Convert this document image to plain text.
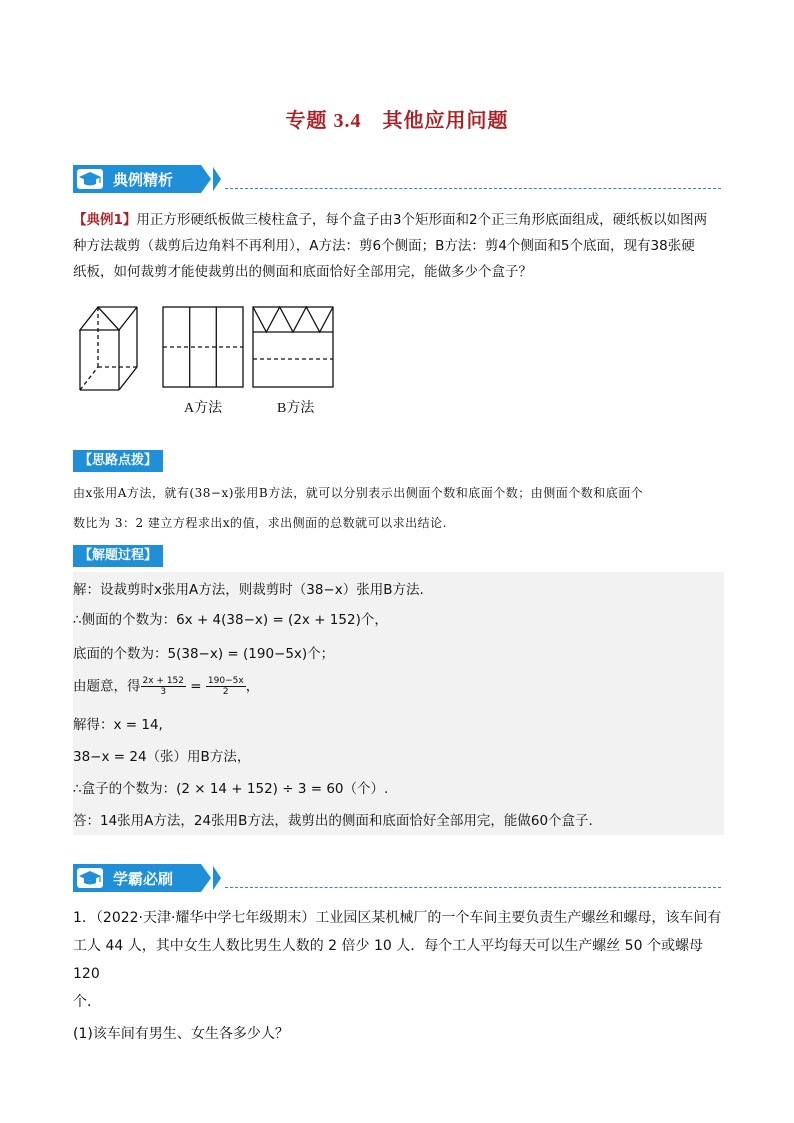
专题 3.4　其他应用问题
典例精析
【典例1】用正方形硬纸板做三棱柱盒子，每个盒子由3个矩形面和2个正三角形底面组成，硬纸板以如图两
种方法裁剪（裁剪后边角料不再利用），A方法：剪6个侧面；B方法：剪4个侧面和5个底面，现有38张硬
纸板，如何裁剪才能使裁剪出的侧面和底面恰好全部用完，能做多少个盒子？
A方法	B方法
【思路点拨】
由x张用A方法，就有(38−x)张用B方法，就可以分别表示出侧面个数和底面个数；由侧面个数和底面个
数比为 3：2 建立方程求出x的值，求出侧面的总数就可以求出结论.
【解题过程】
解：设裁剪时x张用A方法，则裁剪时（38−x）张用B方法.
∴侧面的个数为：6x + 4(38−x) = (2x + 152)个，
底面的个数为：5(38−x) = (190−5x)个；
由题意，得 $\frac{2x + 152}{3} = \frac{190-5x}{2}$ ，
解得：x = 14,
38−x = 24（张）用B方法，
∴盒子的个数为：(2 × 14 + 152) ÷ 3 = 60（个）.
答：14张用A方法，24张用B方法，裁剪出的侧面和底面恰好全部用完，能做60个盒子.
学霸必刷
1．（2022·天津·耀华中学七年级期末）工业园区某机械厂的一个车间主要负责生产螺丝和螺母，该车间有
工人 44 人，其中女生人数比男生人数的 2 倍少 10 人．每个工人平均每天可以生产螺丝 50 个或螺母 120
个．
(1)该车间有男生、女生各多少人？
